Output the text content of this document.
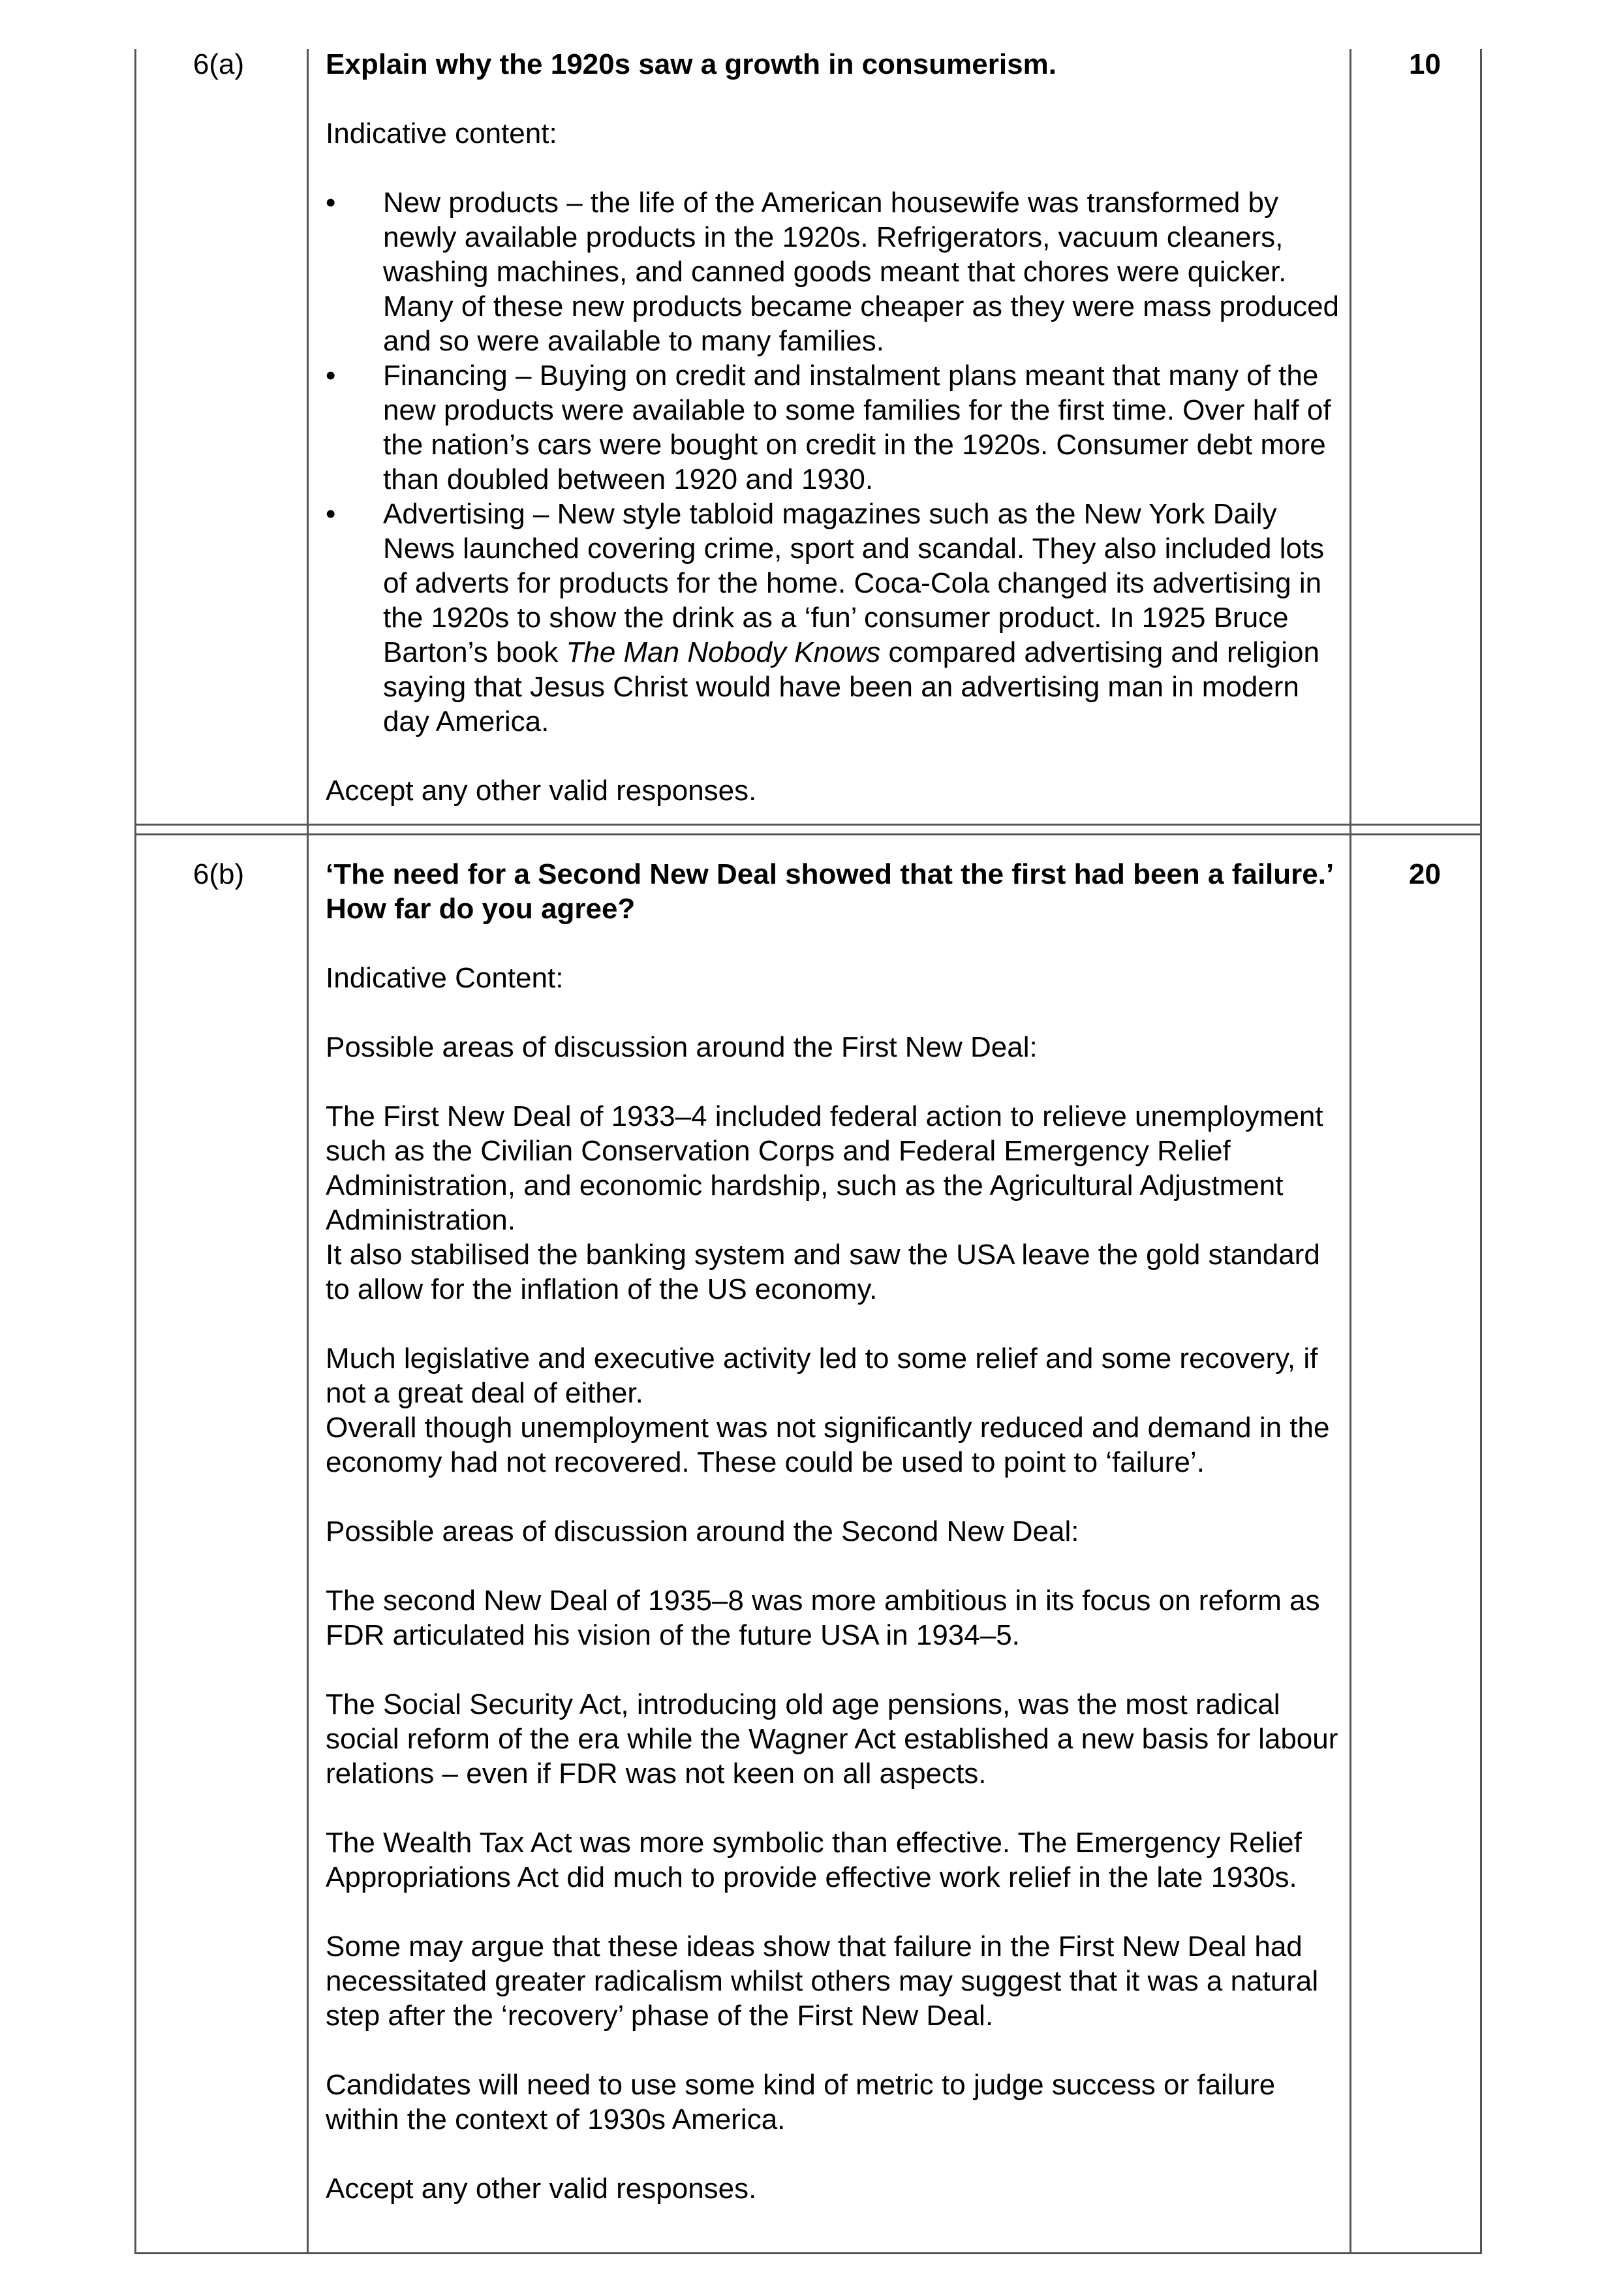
6(a)	10

Explain why the 1920s saw a growth in consumerism.

Indicative content:

• New products – the life of the American housewife was transformed by newly available products in the 1920s. Refrigerators, vacuum cleaners, washing machines, and canned goods meant that chores were quicker. Many of these new products became cheaper as they were mass produced and so were available to many families.
• Financing – Buying on credit and instalment plans meant that many of the new products were available to some families for the first time. Over half of the nation’s cars were bought on credit in the 1920s. Consumer debt more than doubled between 1920 and 1930.
• Advertising – New style tabloid magazines such as the New York Daily News launched covering crime, sport and scandal. They also included lots of adverts for products for the home. Coca-Cola changed its advertising in the 1920s to show the drink as a ‘fun’ consumer product. In 1925 Bruce Barton’s book The Man Nobody Knows compared advertising and religion saying that Jesus Christ would have been an advertising man in modern day America.

Accept any other valid responses.

6(b)	20

‘The need for a Second New Deal showed that the first had been a failure.’ How far do you agree?

Indicative Content:

Possible areas of discussion around the First New Deal:

The First New Deal of 1933–4 included federal action to relieve unemployment such as the Civilian Conservation Corps and Federal Emergency Relief Administration, and economic hardship, such as the Agricultural Adjustment Administration.

It also stabilised the banking system and saw the USA leave the gold standard to allow for the inflation of the US economy.

Much legislative and executive activity led to some relief and some recovery, if not a great deal of either.

Overall though unemployment was not significantly reduced and demand in the economy had not recovered. These could be used to point to ‘failure’.

Possible areas of discussion around the Second New Deal:

The second New Deal of 1935–8 was more ambitious in its focus on reform as FDR articulated his vision of the future USA in 1934–5.

The Social Security Act, introducing old age pensions, was the most radical social reform of the era while the Wagner Act established a new basis for labour relations – even if FDR was not keen on all aspects.

The Wealth Tax Act was more symbolic than effective. The Emergency Relief Appropriations Act did much to provide effective work relief in the late 1930s.

Some may argue that these ideas show that failure in the First New Deal had necessitated greater radicalism whilst others may suggest that it was a natural step after the ‘recovery’ phase of the First New Deal.

Candidates will need to use some kind of metric to judge success or failure within the context of 1930s America.

Accept any other valid responses.
